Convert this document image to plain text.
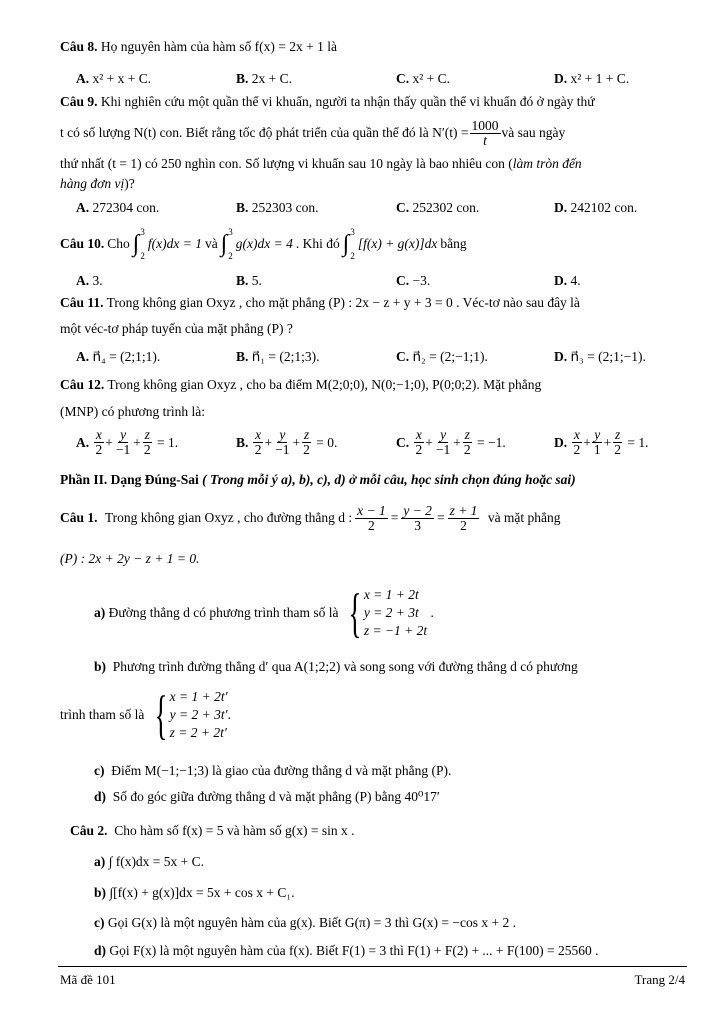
Câu 8. Họ nguyên hàm của hàm số f(x) = 2x + 1 là
A. x² + x + C.	B. 2x + C.	C. x² + C.	D. x² + 1 + C.
Câu 9. Khi nghiên cứu một quần thể vi khuẩn, người ta nhận thấy quần thể vi khuẩn đó ở ngày thứ
t có số lượng N(t) con. Biết rằng tốc độ phát triển của quần thể đó là $N'(t) = \frac{1000}{t}$ và sau ngày
thứ nhất (t = 1) có 250 nghìn con. Số lượng vi khuẩn sau 10 ngày là bao nhiêu con (làm tròn đến
hàng đơn vị)?
A. 272304 con.	B. 252303 con.	C. 252302 con.	D. 242102 con.
Câu 10. Cho ∫ 3
2
f(x)dx = 1 và ∫ 3
2
g(x)dx = 4 . Khi đó ∫ 3
2
[f(x) + g(x)]dx bằng
A. 3.	B. 5.	C. −3.	D. 4.
Câu 11. Trong không gian Oxyz , cho mặt phẳng (P) : 2x − z + y + 3 = 0 . Véc-tơ nào sau đây là
một véc-tơ pháp tuyến của mặt phẳng (P) ?
A. n⃗₄ = (2;1;1).	B. n⃗₁ = (2;1;3).	C. n⃗₂ = (2;−1;1).	D. n⃗₃ = (2;1;−1).
Câu 12. Trong không gian Oxyz , cho ba điểm M(2;0;0), N(0;−1;0), P(0;0;2). Mặt phẳng
(MNP) có phương trình là:
A.
$\frac{x}{2} + \frac{y}{-1} + \frac{z}{2}$
= 1.	B.
$\frac{x}{2} + \frac{y}{-1} + \frac{z}{2}$
= 0.	C.
$\frac{x}{2} + \frac{y}{-1} + \frac{z}{2}$
= −1.	D.
$\frac{x}{2} + \frac{y}{1} + \frac{z}{2}$
= 1.
Phần II. Dạng Đúng-Sai ( Trong mỗi ý a), b), c), d) ở mỗi câu, học sinh chọn đúng hoặc sai)
Câu 1.
Trong không gian Oxyz , cho đường thẳng d : $\frac{x - 1}{2} = \frac{y - 2}{3} = \frac{z + 1}{2}$
và mặt phẳng
(P) : 2x + 2y − z + 1 = 0.
a)
Đường thẳng d có phương trình tham số là
{ x = 1 + 2t
y = 2 + 3t
z = −1 + 2t
.
b) Phương trình đường thẳng d′ qua A(1;2;2) và song song với đường thẳng d có phương
trình tham số là
{ x = 1 + 2t′
y = 2 + 3t′
z = 2 + 2t′
.
c) Điểm M(−1;−1;3) là giao của đường thẳng d và mặt phẳng (P).
d) Số đo góc giữa đường thẳng d và mặt phẳng (P) bằng 40⁰17′
Câu 2. Cho hàm số f(x) = 5 và hàm số g(x) = sin x .
a) ∫ f(x)dx = 5x + C.
b) ∫[f(x) + g(x)]dx = 5x + cos x + C₁.
c) Gọi G(x) là một nguyên hàm của g(x). Biết G(π) = 3 thì G(x) = −cos x + 2 .
d) Gọi F(x) là một nguyên hàm của f(x). Biết F(1) = 3 thì F(1) + F(2) + ... + F(100) = 25560 .
Mã đề 101	Trang 2/4
